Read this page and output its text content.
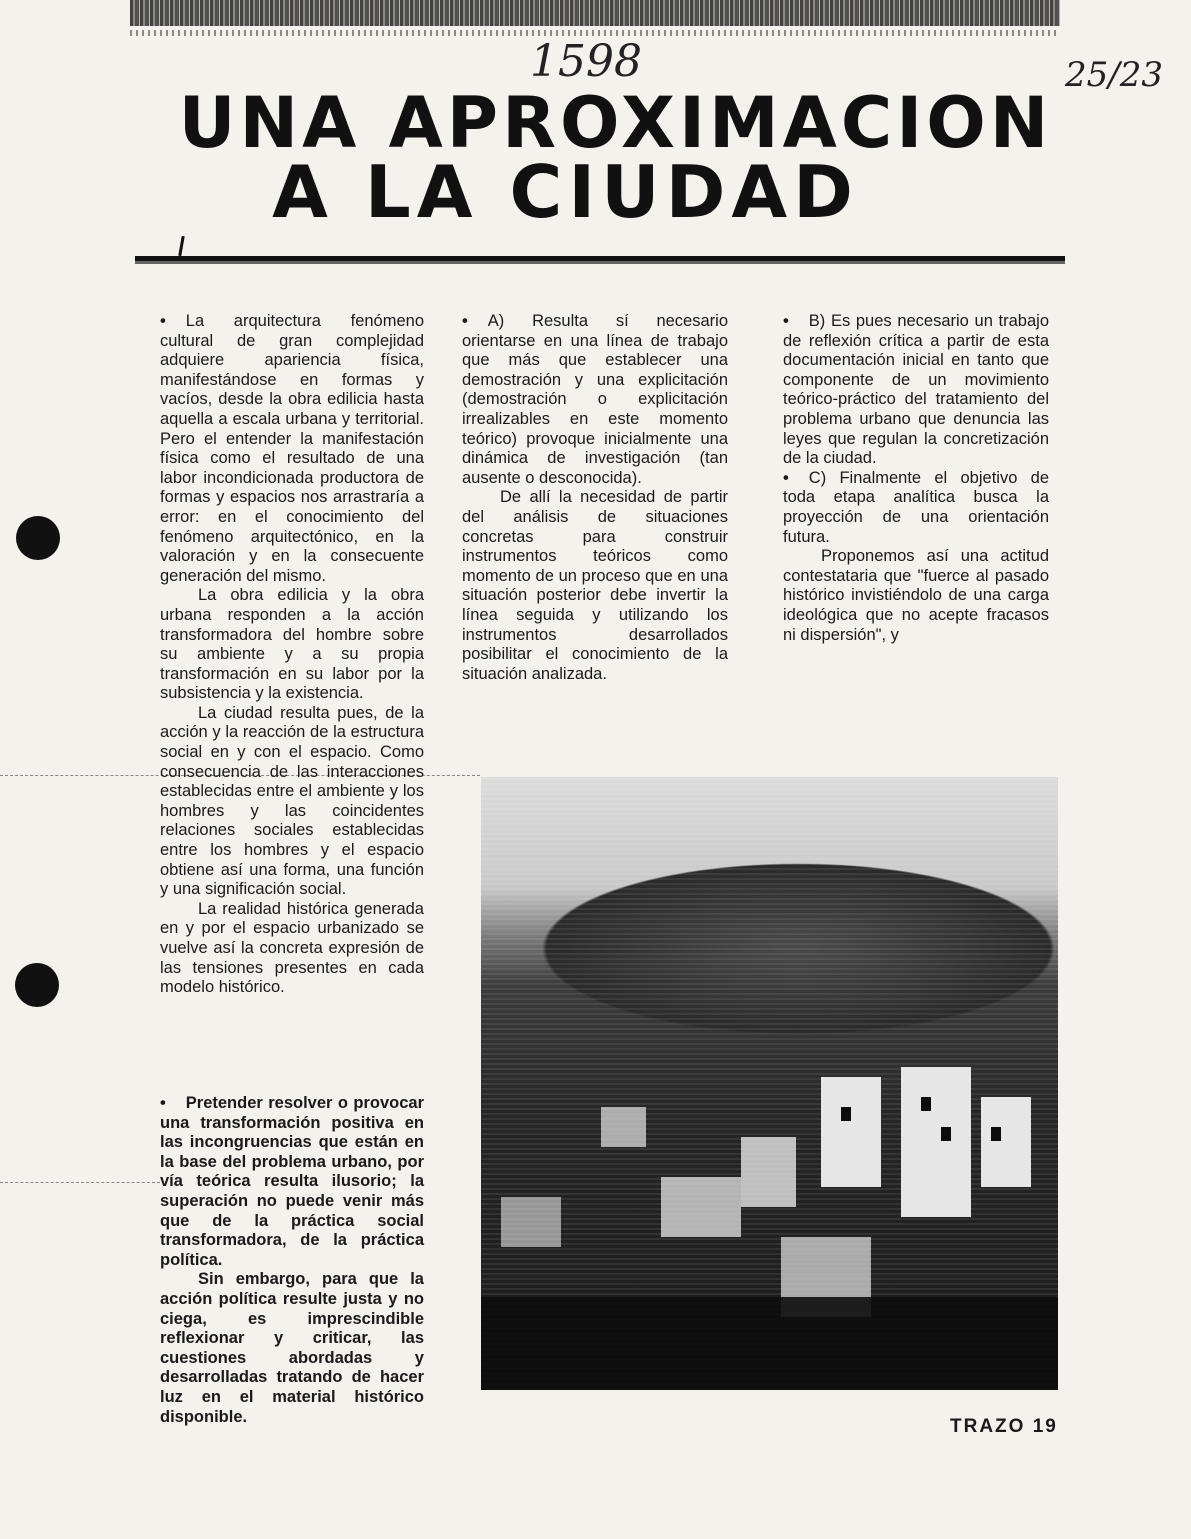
1598	25/23
UNA APROXIMACION
A LA CIUDAD

• La arquitectura fenómeno cultural de gran complejidad adquiere apariencia física, manifestándose en formas y vacíos, desde la obra edilicia hasta aquella a escala urbana y territorial. Pero el entender la manifestación física como el resultado de una labor incondicionada productora de formas y espacios nos arrastraría a error: en el conocimiento del fenómeno arquitectónico, en la valoración y en la consecuente generación del mismo.

La obra edilicia y la obra urbana responden a la acción transformadora del hombre sobre su ambiente y a su propia transformación en su labor por la subsistencia y la existencia.

La ciudad resulta pues, de la acción y la reacción de la estructura social en y con el espacio. Como consecuencia de las interacciones establecidas entre el ambiente y los hombres y las coincidentes relaciones sociales establecidas entre los hombres y el espacio obtiene así una forma, una función y una significación social.

La realidad histórica generada en y por el espacio urbanizado se vuelve así la concreta expresión de las tensiones presentes en cada modelo histórico.

• Pretender resolver o provocar una transformación positiva en las incongruencias que están en la base del problema urbano, por vía teórica resulta ilusorio; la superación no puede venir más que de la práctica social transformadora, de la práctica política.

Sin embargo, para que la acción política resulte justa y no ciega, es imprescindible reflexionar y criticar, las cuestiones abordadas y desarrolladas tratando de hacer luz en el material histórico disponible.

• A) Resulta sí necesario orientarse en una línea de trabajo que más que establecer una demostración y una explicitación (demostración o explicitación irrealizables en este momento teórico) provoque inicialmente una dinámica de investigación (tan ausente o desconocida).

De allí la necesidad de partir del análisis de situaciones concretas para construir instrumentos teóricos como momento de un proceso que en una situación posterior debe invertir la línea seguida y utilizando los instrumentos desarrollados posibilitar el conocimiento de la situación analizada.

• B) Es pues necesario un trabajo de reflexión crítica a partir de esta documentación inicial en tanto que componente de un movimiento teórico-práctico del tratamiento del problema urbano que denuncia las leyes que regulan la concretización de la ciudad.

• C) Finalmente el objetivo de toda etapa analítica busca la proyección de una orientación futura.

Proponemos así una actitud contestataria que "fuerce al pasado histórico invistiéndolo de una carga ideológica que no acepte fracasos ni dispersión", y

TRAZO 19
